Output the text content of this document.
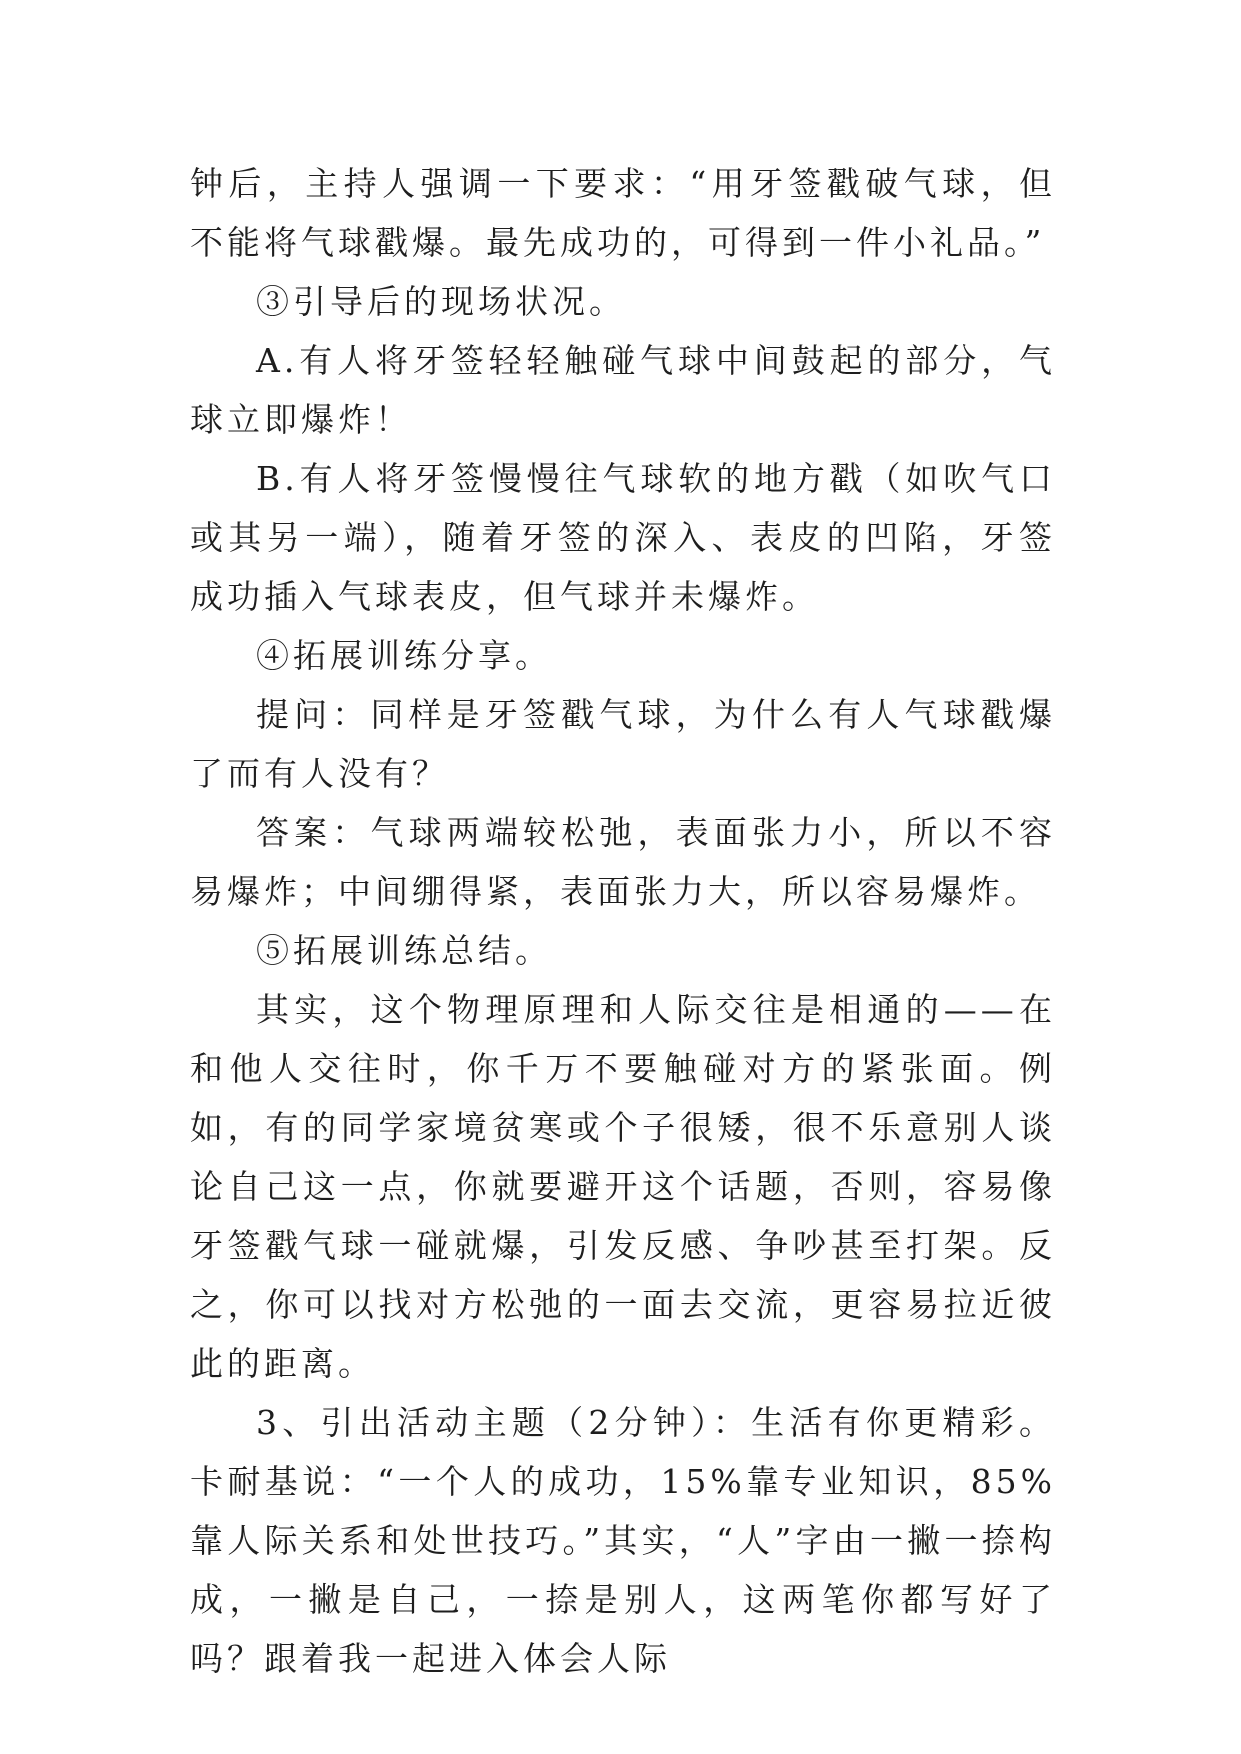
钟后，主持人强调一下要求：“用牙签戳破气球，但不能将气球戳爆。最先成功的，可得到一件小礼品。”

③引导后的现场状况。

A.有人将牙签轻轻触碰气球中间鼓起的部分，气球立即爆炸！

B.有人将牙签慢慢往气球软的地方戳（如吹气口或其另一端），随着牙签的深入、表皮的凹陷，牙签成功插入气球表皮，但气球并未爆炸。

④拓展训练分享。

提问：同样是牙签戳气球，为什么有人气球戳爆了而有人没有？

答案：气球两端较松弛，表面张力小，所以不容易爆炸；中间绷得紧，表面张力大，所以容易爆炸。

⑤拓展训练总结。

其实，这个物理原理和人际交往是相通的——在和他人交往时，你千万不要触碰对方的紧张面。例如，有的同学家境贫寒或个子很矮，很不乐意别人谈论自己这一点，你就要避开这个话题，否则，容易像牙签戳气球一碰就爆，引发反感、争吵甚至打架。反之，你可以找对方松弛的一面去交流，更容易拉近彼此的距离。

3、引出活动主题（2分钟）：生活有你更精彩。卡耐基说：“一个人的成功，15%靠专业知识，85%靠人际关系和处世技巧。”其实，“人”字由一撇一捺构成，一撇是自己，一捺是别人，这两笔你都写好了吗？跟着我一起进入体会人际
